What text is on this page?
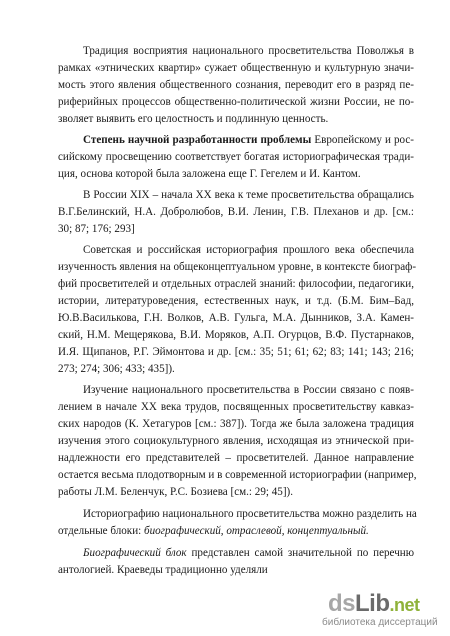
Традиция восприятия национального просветительства Поволжья в
рамках «этнических квартир» сужает общественную и культурную значи-
мость этого явления общественного сознания, переводит его в разряд пе-
риферийных процессов общественно-политической жизни России, не по-
зволяет выявить его целостность и подлинную ценность.
Степень научной разработанности проблемы Европейскому и рос-
сийскому просвещению соответствует богатая историографическая тради-
ция, основа которой была заложена еще Г. Гегелем и И. Кантом.
В России XIX – начала XX века к теме просветительства обращались
В.Г.Белинский, Н.А. Добролюбов, В.И. Ленин, Г.В. Плеханов и др. [см.:
30; 87; 176; 293]
Советская и российская историография прошлого века обеспечила
изученность явления на общеконцептуальном уровне, в контексте биограф-
фий просветителей и отдельных отраслей знаний: философии, педагогики,
истории, литературоведения, естественных наук, и т.д. (Б.М. Бим–Бад,
Ю.В.Василькова, Г.Н. Волков, А.В. Гульга, М.А. Дынников, З.А. Камен-
ский, Н.М. Мещерякова, В.И. Моряков, А.П. Огурцов, В.Ф. Пустарнаков,
И.Я. Щипанов, Р.Г. Эймонтова и др. [см.: 35; 51; 61; 62; 83; 141; 143; 216;
273; 274; 306; 433; 435]).
Изучение национального просветительства в России связано с появ-
лением в начале XX века трудов, посвященных просветительству кавказ-
ских народов (К. Хетагуров [см.: 387]). Тогда же была заложена традиция
изучения этого социокультурного явления, исходящая из этнической при-
надлежности его представителей – просветителей. Данное направление
остается весьма плодотворным и в современной историографии (например,
работы Л.М. Беленчук, Р.С. Бозиева [см.: 29; 45]).
Историографию национального просветительства можно разделить на
отдельные блоки: биографический, отраслевой, концептуальный.
Биографический блок представлен самой значительной по перечню
антологией. Краеведы традиционно уделяли
dsLib.net
библиотека диссертаций
